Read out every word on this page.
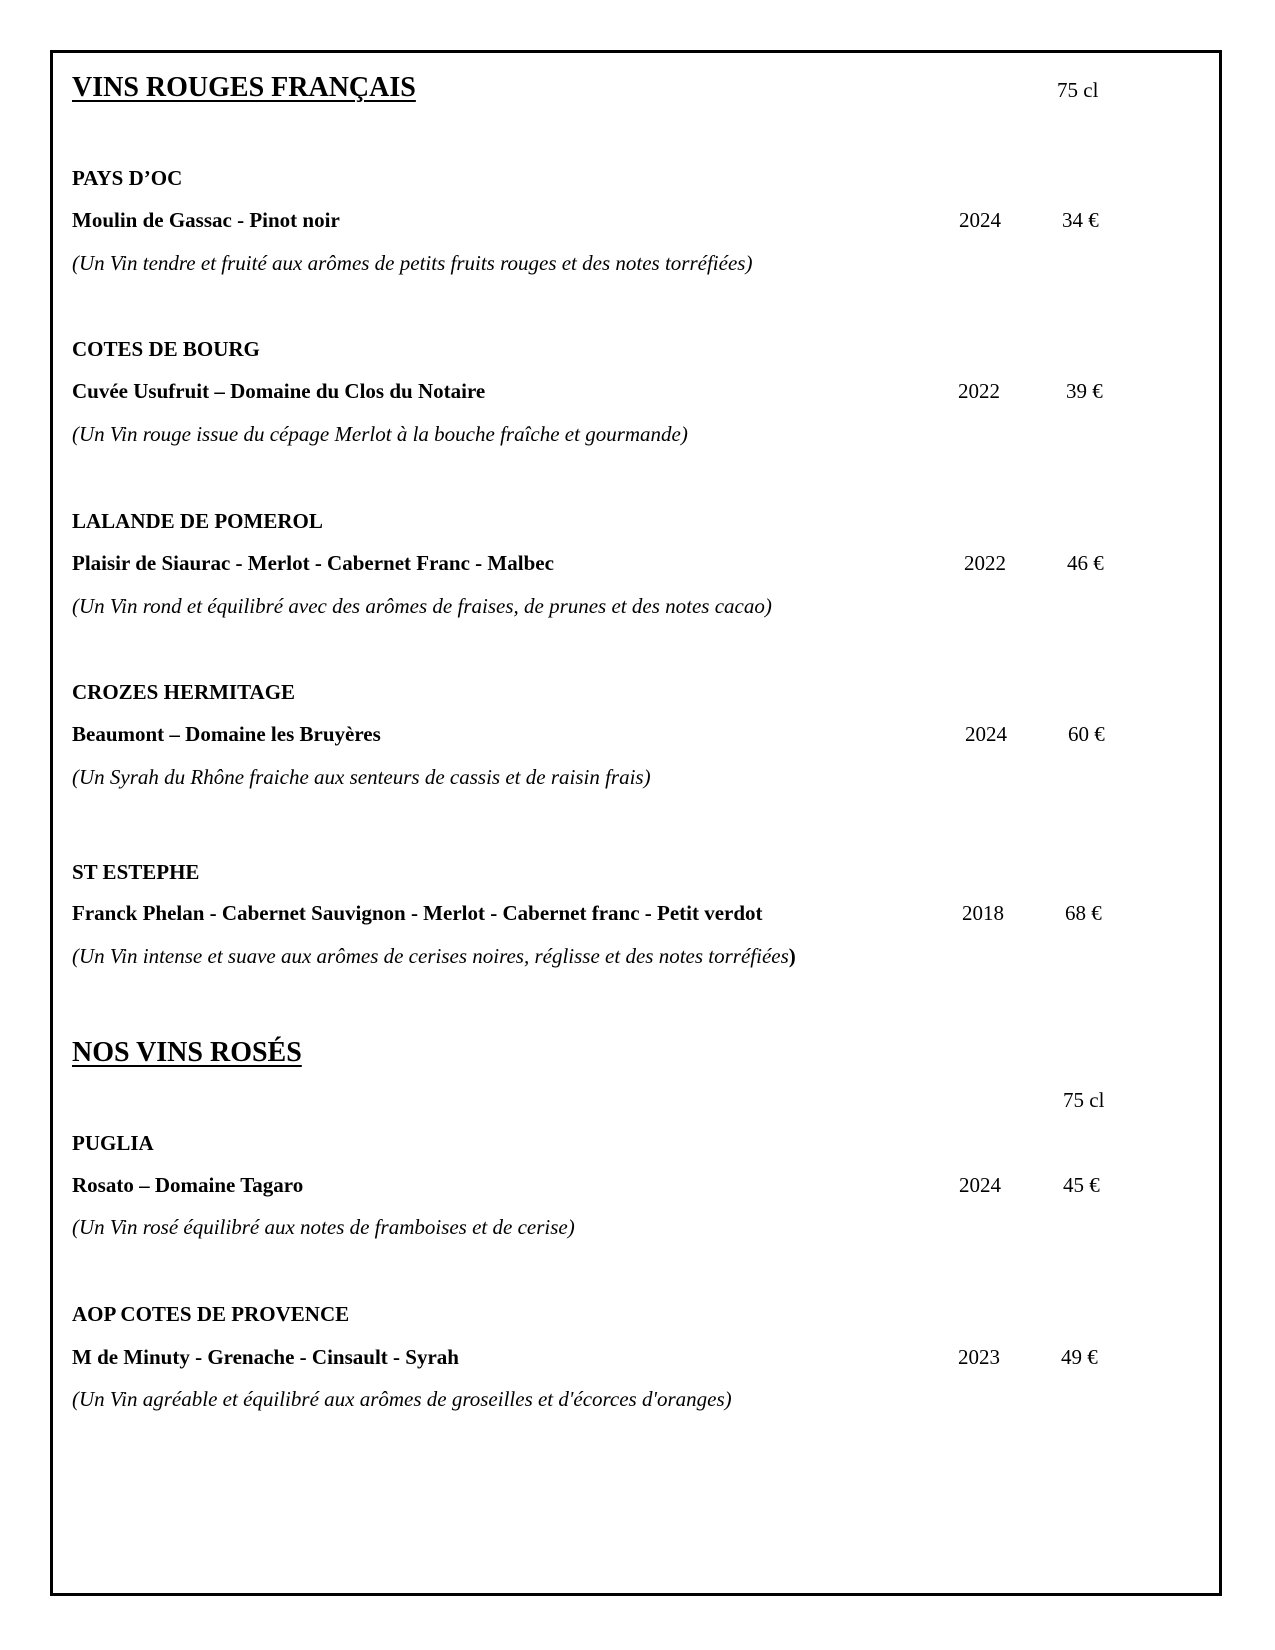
VINS ROUGES FRANÇAIS	75 cl
PAYS D’OC
Moulin de Gassac - Pinot noir	2024	34 €
(Un Vin tendre et fruité aux arômes de petits fruits rouges et des notes torréfiées)
COTES DE BOURG
Cuvée Usufruit – Domaine du Clos du Notaire	2022	39 €
(Un Vin rouge issue du cépage Merlot à la bouche fraîche et gourmande)
LALANDE DE POMEROL
Plaisir de Siaurac - Merlot - Cabernet Franc - Malbec	2022	46 €
(Un Vin rond et équilibré avec des arômes de fraises, de prunes et des notes cacao)
CROZES HERMITAGE
Beaumont – Domaine les Bruyères	2024	60 €
(Un Syrah du Rhône fraiche aux senteurs de cassis et de raisin frais)
ST ESTEPHE
Franck Phelan - Cabernet Sauvignon - Merlot - Cabernet franc - Petit verdot	2018	68 €
(Un Vin intense et suave aux arômes de cerises noires, réglisse et des notes torréfiées)
NOS VINS ROSÉS
75 cl
PUGLIA
Rosato – Domaine Tagaro	2024	45 €
(Un Vin rosé équilibré aux notes de framboises et de cerise)
AOP COTES DE PROVENCE
M de Minuty - Grenache - Cinsault - Syrah	2023	49 €
(Un Vin agréable et équilibré aux arômes de groseilles et d'écorces d'oranges)
